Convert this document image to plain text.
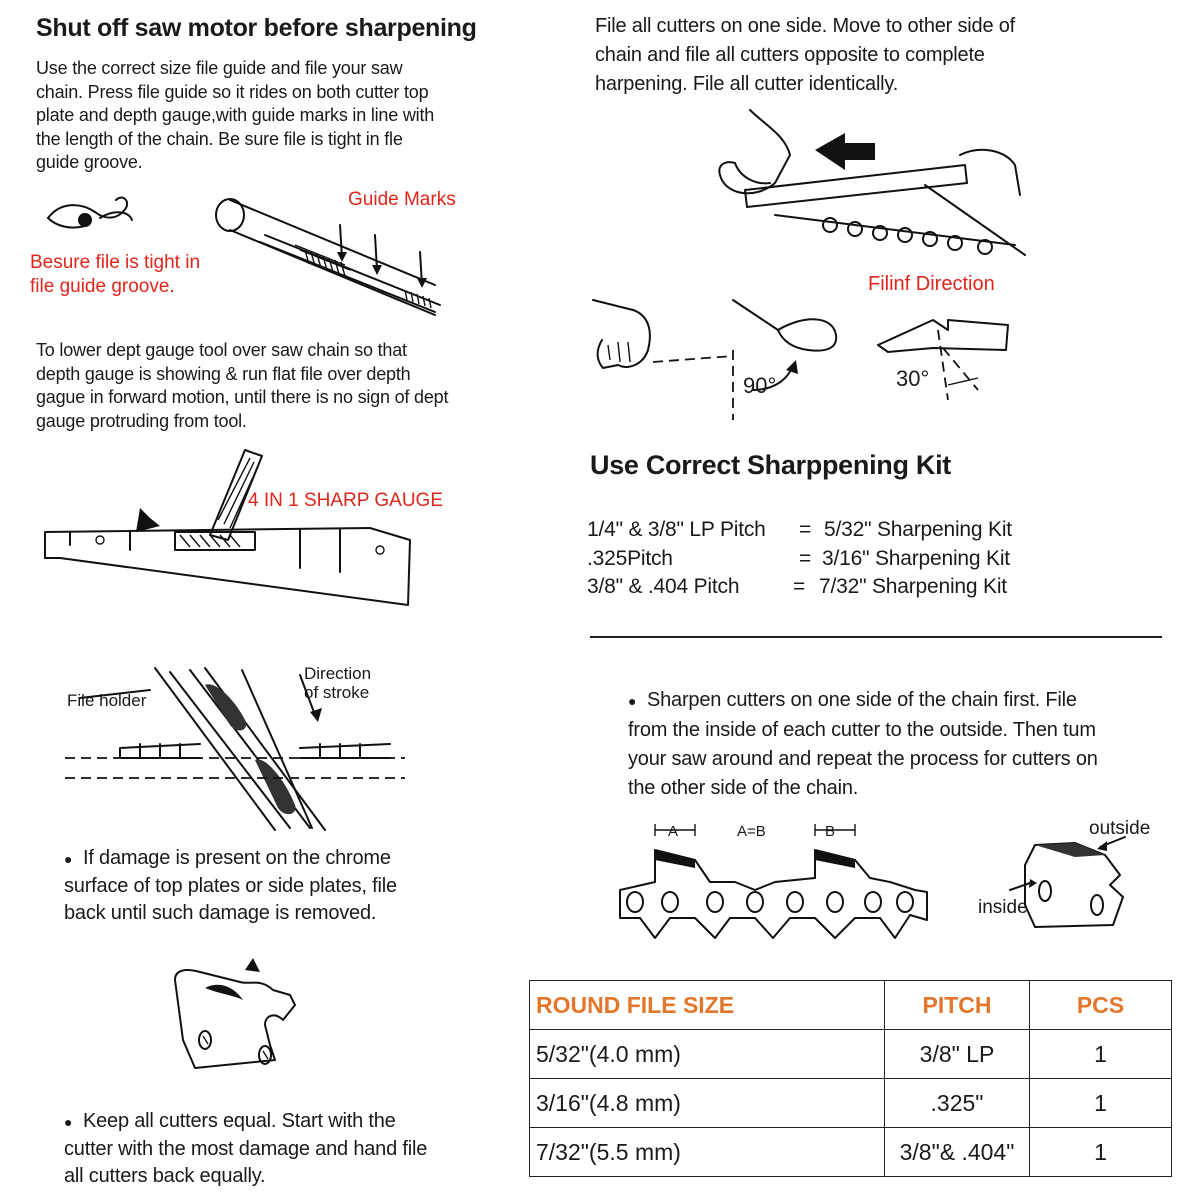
Shut off saw motor before sharpening
Use the correct size file guide and file your saw
chain. Press file guide so it rides on both cutter top
plate and depth gauge,with guide marks in line with
the length of the chain. Be sure file is tight in fle
guide groove.
Guide Marks
Besure file is tight in
file guide groove.
To lower dept gauge tool over saw chain so that
depth gauge is showing & run flat file over depth
gague in forward motion, until there is no sign of dept
gauge protruding from tool.
4 IN 1 SHARP GAUGE
File holder
Direction
of stroke
● If damage is present on the chrome
surface of top plates or side plates, file
back until such damage is removed.
● Keep all cutters equal. Start with the
cutter with the most damage and hand file
all cutters back equally.
File all cutters on one side. Move to other side of
chain and file all cutters opposite to complete
harpening. File all cutter identically.
Filinf Direction
90°	30°
Use Correct Sharppening Kit
1/4" & 3/8" LP Pitch = 5/32" Sharpening Kit
.325Pitch	= 3/16" Sharpening Kit
3/8" & .404 Pitch	= 7/32" Sharpening Kit
● Sharpen cutters on one side of the chain first. File
from the inside of each cutter to the outside. Then tum
your saw around and repeat the process for cutters on
the other side of the chain.
A	A=B	B	outside
inside
ROUND FILE SIZE	PITCH	PCS
5/32"(4.0 mm)	3/8" LP	1
3/16"(4.8 mm)	.325"	1
7/32"(5.5 mm)	3/8"& .404"	1
